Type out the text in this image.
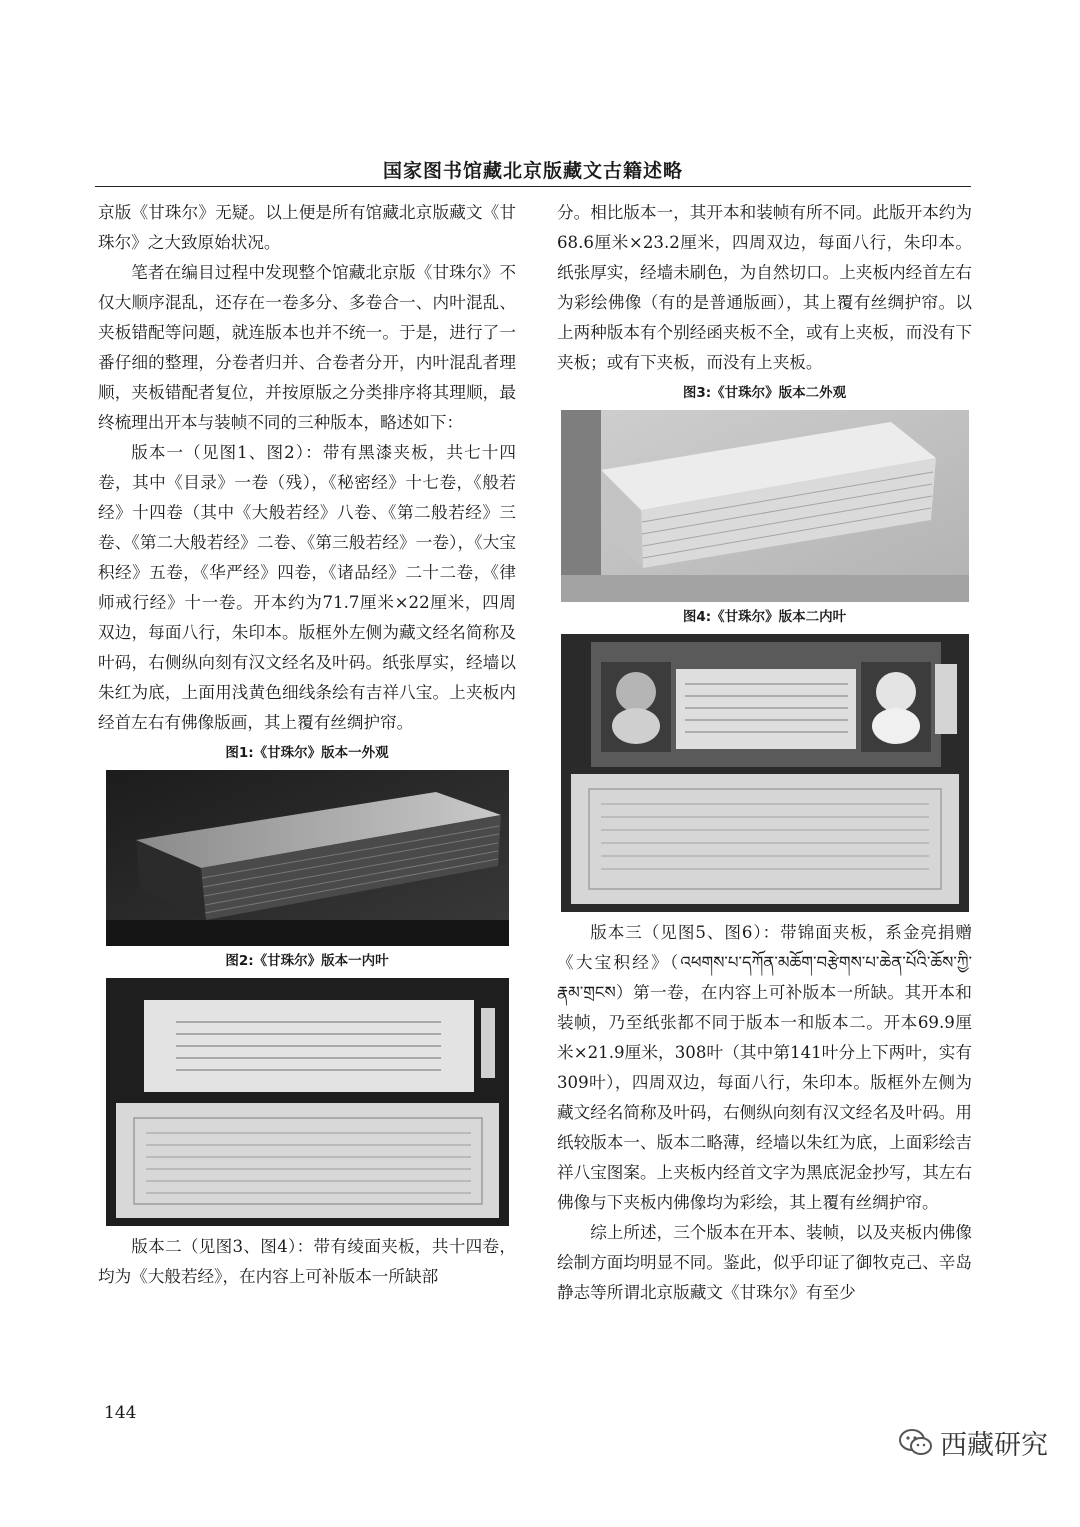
国家图书馆藏北京版藏文古籍述略

京版《甘珠尔》无疑。以上便是所有馆藏北京版藏文《甘珠尔》之大致原始状况。

笔者在编目过程中发现整个馆藏北京版《甘珠尔》不仅大顺序混乱，还存在一卷多分、多卷合一、内叶混乱、夹板错配等问题，就连版本也并不统一。于是，进行了一番仔细的整理，分卷者归并、合卷者分开，内叶混乱者理顺，夹板错配者复位，并按原版之分类排序将其理顺，最终梳理出开本与装帧不同的三种版本，略述如下：

版本一（见图1、图2）：带有黑漆夹板，共七十四卷，其中《目录》一卷（残），《秘密经》十七卷，《般若经》十四卷（其中《大般若经》八卷、《第二般若经》三卷、《第二大般若经》二卷、《第三般若经》一卷），《大宝积经》五卷，《华严经》四卷，《诸品经》二十二卷，《律师戒行经》十一卷。开本约为71.7厘米×22厘米，四周双边，每面八行，朱印本。版框外左侧为藏文经名简称及叶码，右侧纵向刻有汉文经名及叶码。纸张厚实，经墙以朱红为底，上面用浅黄色细线条绘有吉祥八宝。上夹板内经首左右有佛像版画，其上覆有丝绸护帘。

图1:《甘珠尔》版本一外观
图2:《甘珠尔》版本一内叶

版本二（见图3、图4）：带有绫面夹板，共十四卷，均为《大般若经》，在内容上可补版本一所缺部

分。相比版本一，其开本和装帧有所不同。此版开本约为68.6厘米×23.2厘米，四周双边，每面八行，朱印本。纸张厚实，经墙未刷色，为自然切口。上夹板内经首左右为彩绘佛像（有的是普通版画），其上覆有丝绸护帘。以上两种版本有个别经函夹板不全，或有上夹板，而没有下夹板；或有下夹板，而没有上夹板。

图3:《甘珠尔》版本二外观
图4:《甘珠尔》版本二内叶

版本三（见图5、图6）：带锦面夹板，系金亮捐赠《大宝积经》（འཕགས་པ་དཀོན་མཆོག་བརྩེགས་པ་ཆེན་པོའི་ཆོས་ཀྱི་རྣམ་གྲངས）第一卷，在内容上可补版本一所缺。其开本和装帧，乃至纸张都不同于版本一和版本二。开本69.9厘米×21.9厘米，308叶（其中第141叶分上下两叶，实有309叶），四周双边，每面八行，朱印本。版框外左侧为藏文经名简称及叶码，右侧纵向刻有汉文经名及叶码。用纸较版本一、版本二略薄，经墙以朱红为底，上面彩绘吉祥八宝图案。上夹板内经首文字为黑底泥金抄写，其左右佛像与下夹板内佛像均为彩绘，其上覆有丝绸护帘。

综上所述，三个版本在开本、装帧，以及夹板内佛像绘制方面均明显不同。鉴此，似乎印证了御牧克己、辛岛静志等所谓北京版藏文《甘珠尔》有至少

144
西藏研究
